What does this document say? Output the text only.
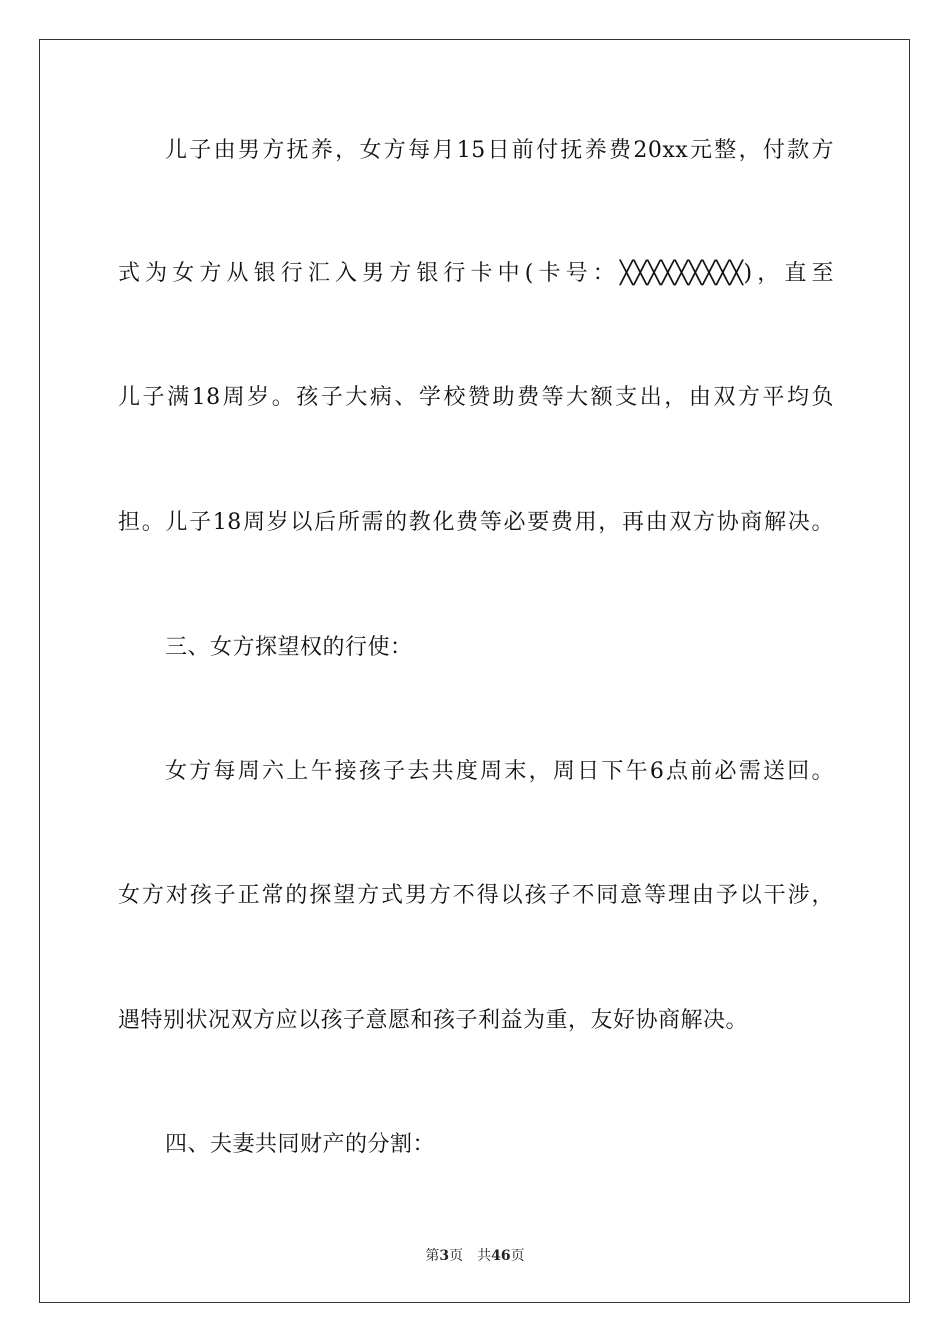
儿子由男方抚养，女方每月15日前付抚养费20xx元整，付款方
式为女方从银行汇入男方银行卡中(卡号：╳╳╳╳╳╳╳╳╳)，直至
儿子满18周岁。孩子大病、学校赞助费等大额支出，由双方平均负
担。儿子18周岁以后所需的教化费等必要费用，再由双方协商解决。
三、女方探望权的行使：
女方每周六上午接孩子去共度周末，周日下午6点前必需送回。
女方对孩子正常的探望方式男方不得以孩子不同意等理由予以干涉，
遇特别状况双方应以孩子意愿和孩子利益为重，友好协商解决。
四、夫妻共同财产的分割：
第3页 共46页
